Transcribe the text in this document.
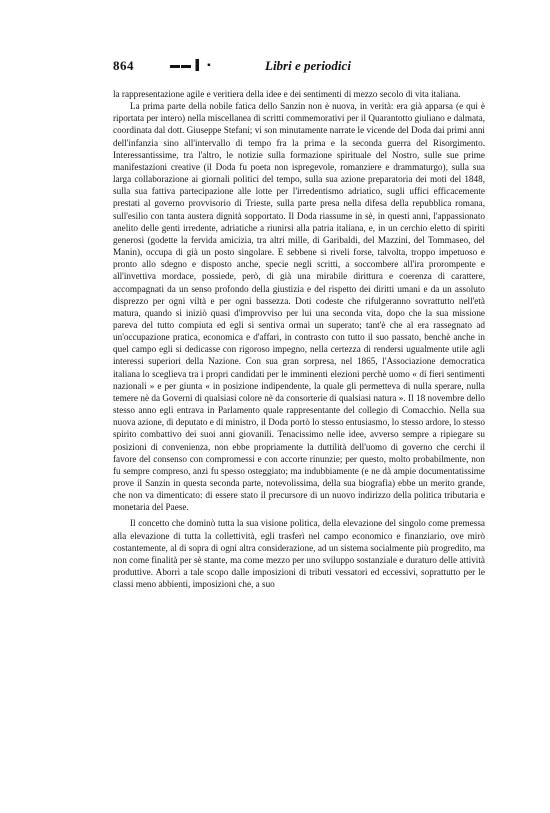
864	▬▬ ▌ ▪	Libri e periodici

la rappresentazione agile e veritiera della idee e dei sentimenti di mezzo secolo di vita italiana.

La prima parte della nobile fatica dello Sanzin non è nuova, in verità: era già apparsa (e qui è riportata per intero) nella miscellanea di scritti commemorativi per il Quarantotto giuliano e dalmata, coordinata dal dott. Giuseppe Stefani; vi son minutamente narrate le vicende del Doda dai primi anni dell'infanzia sino all'intervallo di tempo fra la prima e la seconda guerra del Risorgimento. Interessantissime, tra l'altro, le notizie sulla formazione spirituale del Nostro, sulle sue prime manifestazioni creative (il Doda fu poeta non ispregevole, romanziere e drammaturgo), sulla sua larga collaborazione ai giornali politici del tempo, sulla sua azione preparatoria dei moti del 1848, sulla sua fattiva partecipazione alle lotte per l'irredentismo adriatico, sugli uffici efficacemente prestati al governo provvisorio di Trieste, sulla parte presa nella difesa della repubblica romana, sull'esilio con tanta austera dignità sopportato. Il Doda riassume in sè, in questi anni, l'appassionato anelito delle genti irredente, adriatiche a riunirsi alla patria italiana, e, in un cerchio eletto di spiriti generosi (godette la fervida amicizia, tra altri mille, di Garibaldi, del Mazzini, del Tommaseo, del Manin), occupa di già un posto singolare. E sebbene si riveli forse, talvolta, troppo impetuoso e pronto allo sdegno e disposto anche, specie negli scritti, a soccombere all'ira prorompente e all'invettiva mordace, possiede, però, di già una mirabile dirittura e coerenza di carattere, accompagnati da un senso profondo della giustizia e del rispetto dei diritti umani e da un assoluto disprezzo per ogni viltà e per ogni bassezza. Doti codeste che rifulgeranno sovrattutto nell'età matura, quando si iniziò quasi d'improvviso per lui una seconda vita, dopo che la sua missione pareva del tutto compiuta ed egli si sentiva ormai un superato; tant'è che al era rassegnato ad un'occupazione pratica, economica e d'affari, in contrasto con tutto il suo passato, benchè anche in quel campo egli si dedicasse con rigoroso impegno, nella certezza di rendersi ugualmente utile agli interessi superiori della Nazione. Con sua gran sorpresa, nel 1865, l'Associazione democratica italiana lo sceglieva tra i propri candidati per le imminenti elezioni perchè uomo « di fieri sentimenti nazionali » e per giunta « in posizione indipendente, la quale gli permetteva di nulla sperare, nulla temere nè da Governi di qualsiasi colore nè da consorterie di qualsiasi natura ». Il 18 novembre dello stesso anno egli entrava in Parlamento quale rappresentante del collegio di Comacchio. Nella sua nuova azione, di deputato e di ministro, il Doda portò lo stesso entusiasmo, lo stesso ardore, lo stesso spirito combattivo dei suoi anni giovanili. Tenacissimo nelle idee, avverso sempre a ripiegare su posizioni di convenienza, non ebbe propriamente la duttilità dell'uomo di governo che cerchi il favore del consenso con compromessi e con accorte rinunzie; per questo, molto probabilmente, non fu sempre compreso, anzi fu spesso osteggiato; ma indubbiamente (e ne dà ampie documentatissime prove il Sanzin in questa seconda parte, notevolissima, della sua biografia) ebbe un merito grande, che non va dimenticato: di essere stato il precursore di un nuovo indirizzo della politica tributaria e monetaria del Paese.

Il concetto che dominò tutta la sua visione politica, della elevazione del singolo come premessa alla elevazione di tutta la collettività, egli trasferì nel campo economico e finanziario, ove mirò costantemente, al di sopra di ogni altra considerazione, ad un sistema socialmente più progredito, ma non come finalità per sè stante, ma come mezzo per uno sviluppo sostanziale e duraturo delle attività produttive. Aborrì a tale scopo dalle imposizioni di tributi vessatori ed eccessivi, soprattutto per le classi meno abbienti, imposizioni che, a suo
